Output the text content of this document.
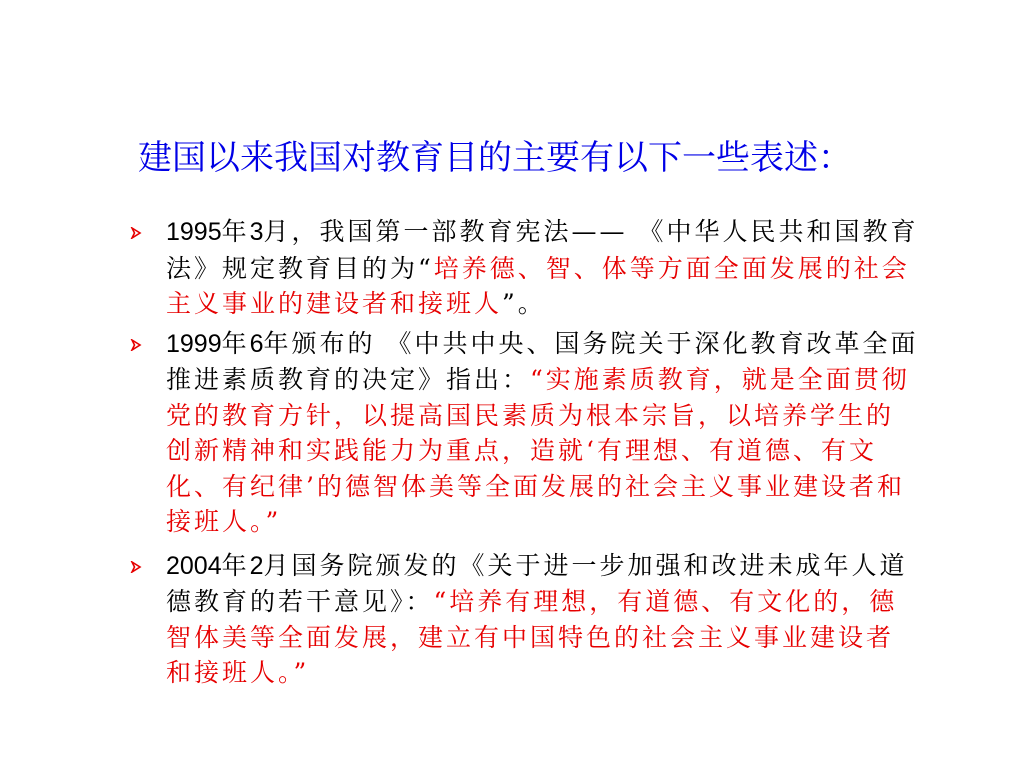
建国以来我国对教育目的主要有以下一些表述：
1995年3月，我国第一部教育宪法—— 《中华人民共和国教育法》规定教育目的为“培养德、智、体等方面全面发展的社会主义事业的建设者和接班人”。
1999年6年颁布的 《中共中央、国务院关于深化教育改革全面推进素质教育的决定》指出：“实施素质教育，就是全面贯彻党的教育方针，以提高国民素质为根本宗旨，以培养学生的创新精神和实践能力为重点，造就‘有理想、有道德、有文化、有纪律’的德智体美等全面发展的社会主义事业建设者和接班人。”
2004年2月国务院颁发的《关于进一步加强和改进未成年人道德教育的若干意见》：“培养有理想，有道德、有文化的，德智体美等全面发展，建立有中国特色的社会主义事业建设者和接班人。”
